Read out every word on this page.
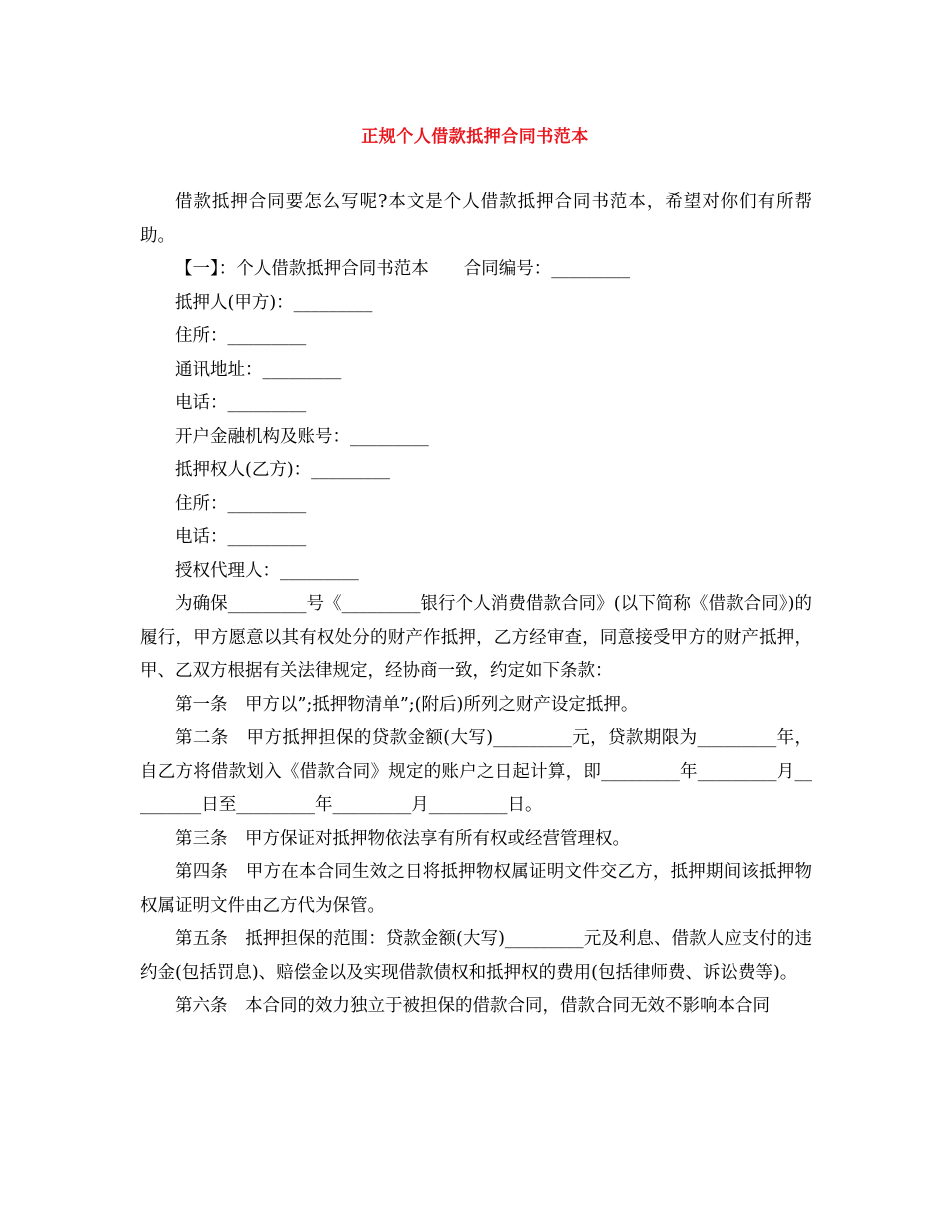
正规个人借款抵押合同书范本

借款抵押合同要怎么写呢?本文是个人借款抵押合同书范本，希望对你们有所帮助。

【一】：个人借款抵押合同书范本　　合同编号：_________

抵押人(甲方)：_________

住所：_________

通讯地址：_________

电话：_________

开户金融机构及账号：_________

抵押权人(乙方)：_________

住所：_________

电话：_________

授权代理人：_________

为确保_________号《_________银行个人消费借款合同》(以下简称《借款合同》)的履行，甲方愿意以其有权处分的财产作抵押，乙方经审查，同意接受甲方的财产抵押，甲、乙双方根据有关法律规定，经协商一致，约定如下条款：

第一条　甲方以”;抵押物清单”;(附后)所列之财产设定抵押。

第二条　甲方抵押担保的贷款金额(大写)_________元，贷款期限为_________年，自乙方将借款划入《借款合同》规定的账户之日起计算，即_________年_________月_________日至_________年_________月_________日。

第三条　甲方保证对抵押物依法享有所有权或经营管理权。

第四条　甲方在本合同生效之日将抵押物权属证明文件交乙方，抵押期间该抵押物权属证明文件由乙方代为保管。

第五条　抵押担保的范围：贷款金额(大写)_________元及利息、借款人应支付的违约金(包括罚息)、赔偿金以及实现借款债权和抵押权的费用(包括律师费、诉讼费等)。

第六条　本合同的效力独立于被担保的借款合同，借款合同无效不影响本合同
